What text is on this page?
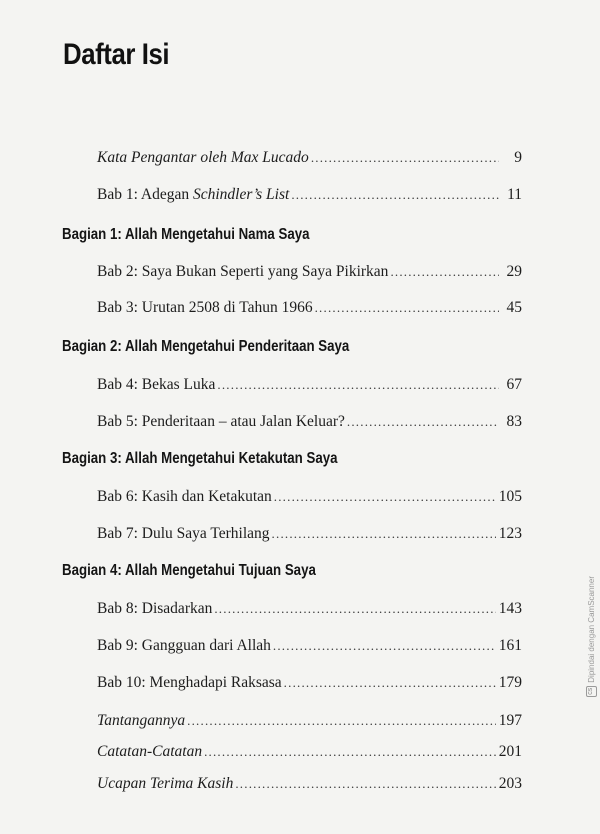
Daftar Isi
Kata Pengantar oleh Max Lucado .....	9
Bab 1: Adegan Schindler’s List .....	11
Bagian 1: Allah Mengetahui Nama Saya
Bab 2: Saya Bukan Seperti yang Saya Pikirkan .....	29
Bab 3: Urutan 2508 di Tahun 1966 .....	45
Bagian 2: Allah Mengetahui Penderitaan Saya
Bab 4: Bekas Luka .....	67
Bab 5: Penderitaan – atau Jalan Keluar? .....	83
Bagian 3: Allah Mengetahui Ketakutan Saya
Bab 6: Kasih dan Ketakutan .....	105
Bab 7: Dulu Saya Terhilang .....	123
Bagian 4: Allah Mengetahui Tujuan Saya
Bab 8: Disadarkan .....	143
Bab 9: Gangguan dari Allah .....	161
Bab 10: Menghadapi Raksasa .....	179
Tantangannya .....	197
Catatan-Catatan .....	201
Ucapan Terima Kasih .....	203
CS
Dipindai dengan CamScanner
